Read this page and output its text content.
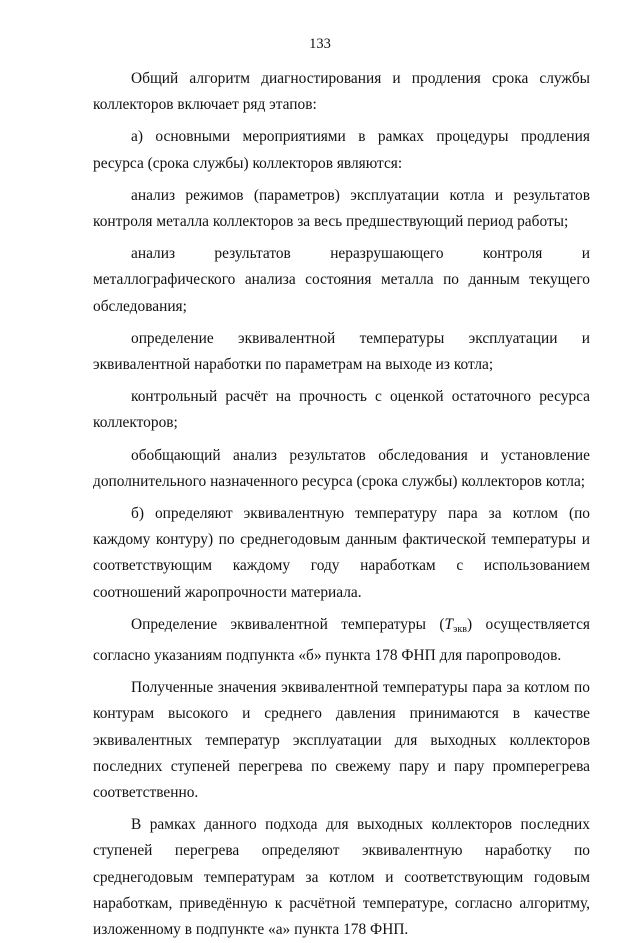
133

Общий алгоритм диагностирования и продления срока службы коллекторов включает ряд этапов:

а) основными мероприятиями в рамках процедуры продления ресурса (срока службы) коллекторов являются:

анализ режимов (параметров) эксплуатации котла и результатов контроля металла коллекторов за весь предшествующий период работы;

анализ результатов неразрушающего контроля и металлографического анализа состояния металла по данным текущего обследования;

определение эквивалентной температуры эксплуатации и эквивалентной наработки по параметрам на выходе из котла;

контрольный расчёт на прочность с оценкой остаточного ресурса коллекторов;

обобщающий анализ результатов обследования и установление дополнительного назначенного ресурса (срока службы) коллекторов котла;

б) определяют эквивалентную температуру пара за котлом (по каждому контуру) по среднегодовым данным фактической температуры и соответствующим каждому году наработкам с использованием соотношений жаропрочности материала.

Определение эквивалентной температуры $(T_{экв})$ осуществляется согласно указаниям подпункта «б» пункта 178 ФНП для паропроводов.

Полученные значения эквивалентной температуры пара за котлом по контурам высокого и среднего давления принимаются в качестве эквивалентных температур эксплуатации для выходных коллекторов последних ступеней перегрева по свежему пару и пару промперегрева соответственно.

В рамках данного подхода для выходных коллекторов последних ступеней перегрева определяют эквивалентную наработку по среднегодовым температурам за котлом и соответствующим годовым наработкам, приведённую к расчётной температуре, согласно алгоритму, изложенному в подпункте «а» пункта 178 ФНП.
